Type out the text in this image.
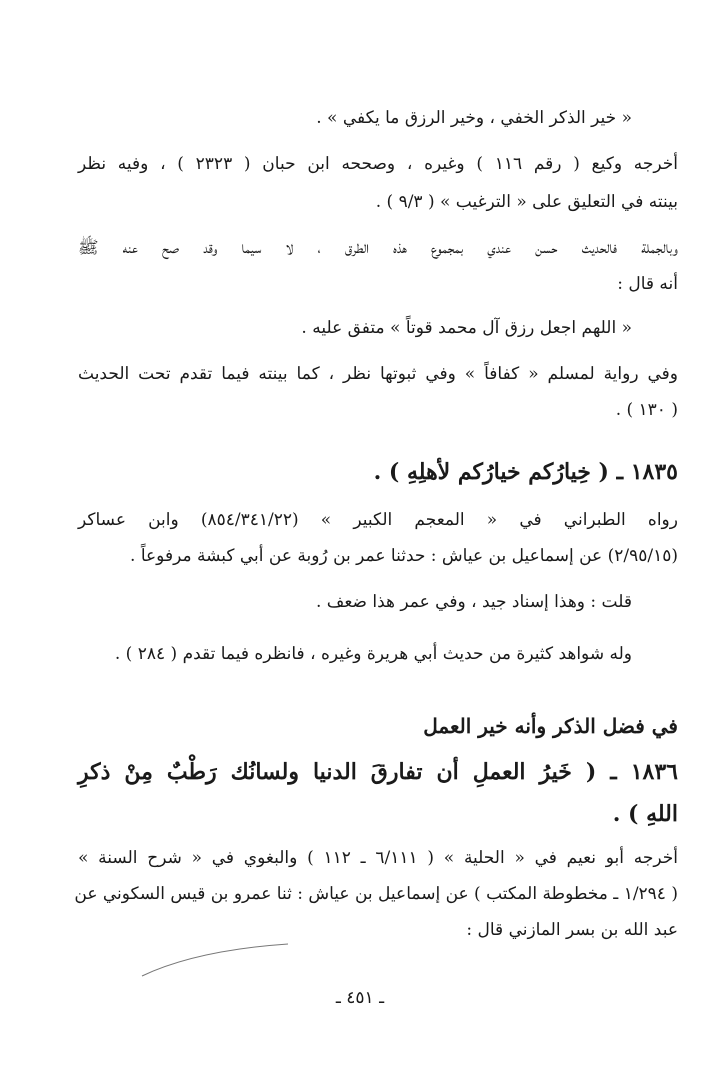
« خير الذكر الخفي ، وخير الرزق ما يكفي » .
أخرجه وكيع ( رقم ١١٦ ) وغيره ، وصححه ابن حبان ( ٢٣٢٣ ) ، وفيه نظر
بينته في التعليق على « الترغيب » ( ٩/٣ ) .
وبالجملة فالحديث حسن عندي بمجموع هذه الطرق ، لا سيما وقد صح عنه ﷺ
أنه قال :
« اللهم اجعل رزق آل محمد قوتاً » متفق عليه .
وفي رواية لمسلم « كفافاً » وفي ثبوتها نظر ، كما بينته فيما تقدم تحت الحديث
( ١٣٠ ) .
١٨٣٥ ـ ( خِيارُكم خيارُكم لأهلِهِ ) .
رواه الطبراني في « المعجم الكبير » (٨٥٤/٣٤١/٢٢) وابن عساكر
(٢/٩٥/١٥) عن إسماعيل بن عياش : حدثنا عمر بن رُوبة عن أبي كبشة مرفوعاً .
قلت : وهذا إسناد جيد ، وفي عمر هذا ضعف .
وله شواهد كثيرة من حديث أبي هريرة وغيره ، فانظره فيما تقدم ( ٢٨٤ ) .
في فضل الذكر وأنه خير العمل
١٨٣٦ ـ ( خَيرُ العملِ أن تفارقَ الدنيا ولسانُك رَطْبٌ مِنْ ذكرِ
اللهِ ) .
أخرجه أبو نعيم في « الحلية » ( ٦/١١١ ـ ١١٢ ) والبغوي في « شرح السنة »
( ١/٢٩٤ ـ مخطوطة المكتب ) عن إسماعيل بن عياش : ثنا عمرو بن قيس السكوني عن
عبد الله بن بسر المازني قال :
ـ ٤٥١ ـ
